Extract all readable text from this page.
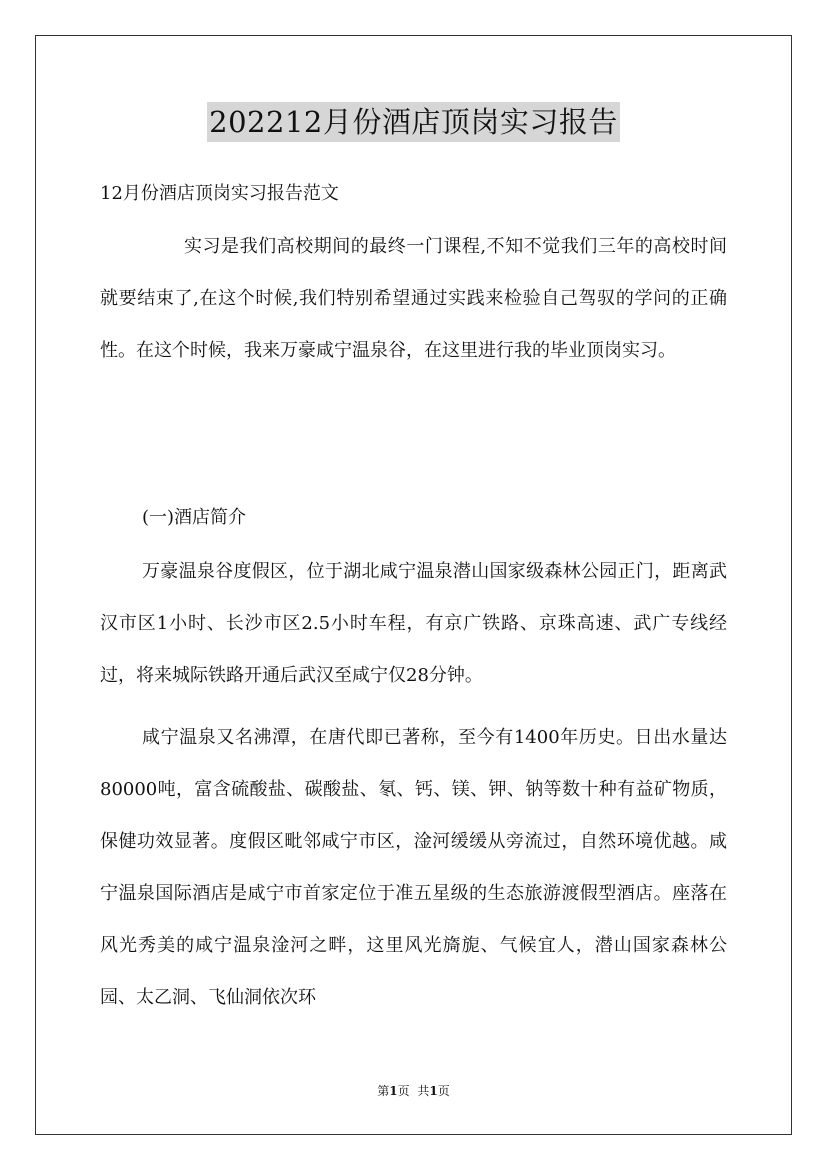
202212月份酒店顶岗实习报告
12月份酒店顶岗实习报告范文

实习是我们高校期间的最终一门课程,不知不觉我们三年的高校时间就要结束了,在这个时候,我们特别希望通过实践来检验自己驾驭的学问的正确性。在这个时候，我来万豪咸宁温泉谷，在这里进行我的毕业顶岗实习。

(一)酒店简介

万豪温泉谷度假区，位于湖北咸宁温泉潜山国家级森林公园正门，距离武汉市区1小时、长沙市区2.5小时车程，有京广铁路、京珠高速、武广专线经过，将来城际铁路开通后武汉至咸宁仅28分钟。

咸宁温泉又名沸潭，在唐代即已著称，至今有1400年历史。日出水量达80000吨，富含硫酸盐、碳酸盐、氡、钙、镁、钾、钠等数十种有益矿物质，保健功效显著。度假区毗邻咸宁市区，淦河缓缓从旁流过，自然环境优越。咸宁温泉国际酒店是咸宁市首家定位于准五星级的生态旅游渡假型酒店。座落在风光秀美的咸宁温泉淦河之畔，这里风光旖旎、气候宜人，潜山国家森林公园、太乙洞、飞仙洞依次环

第1页 共1页
